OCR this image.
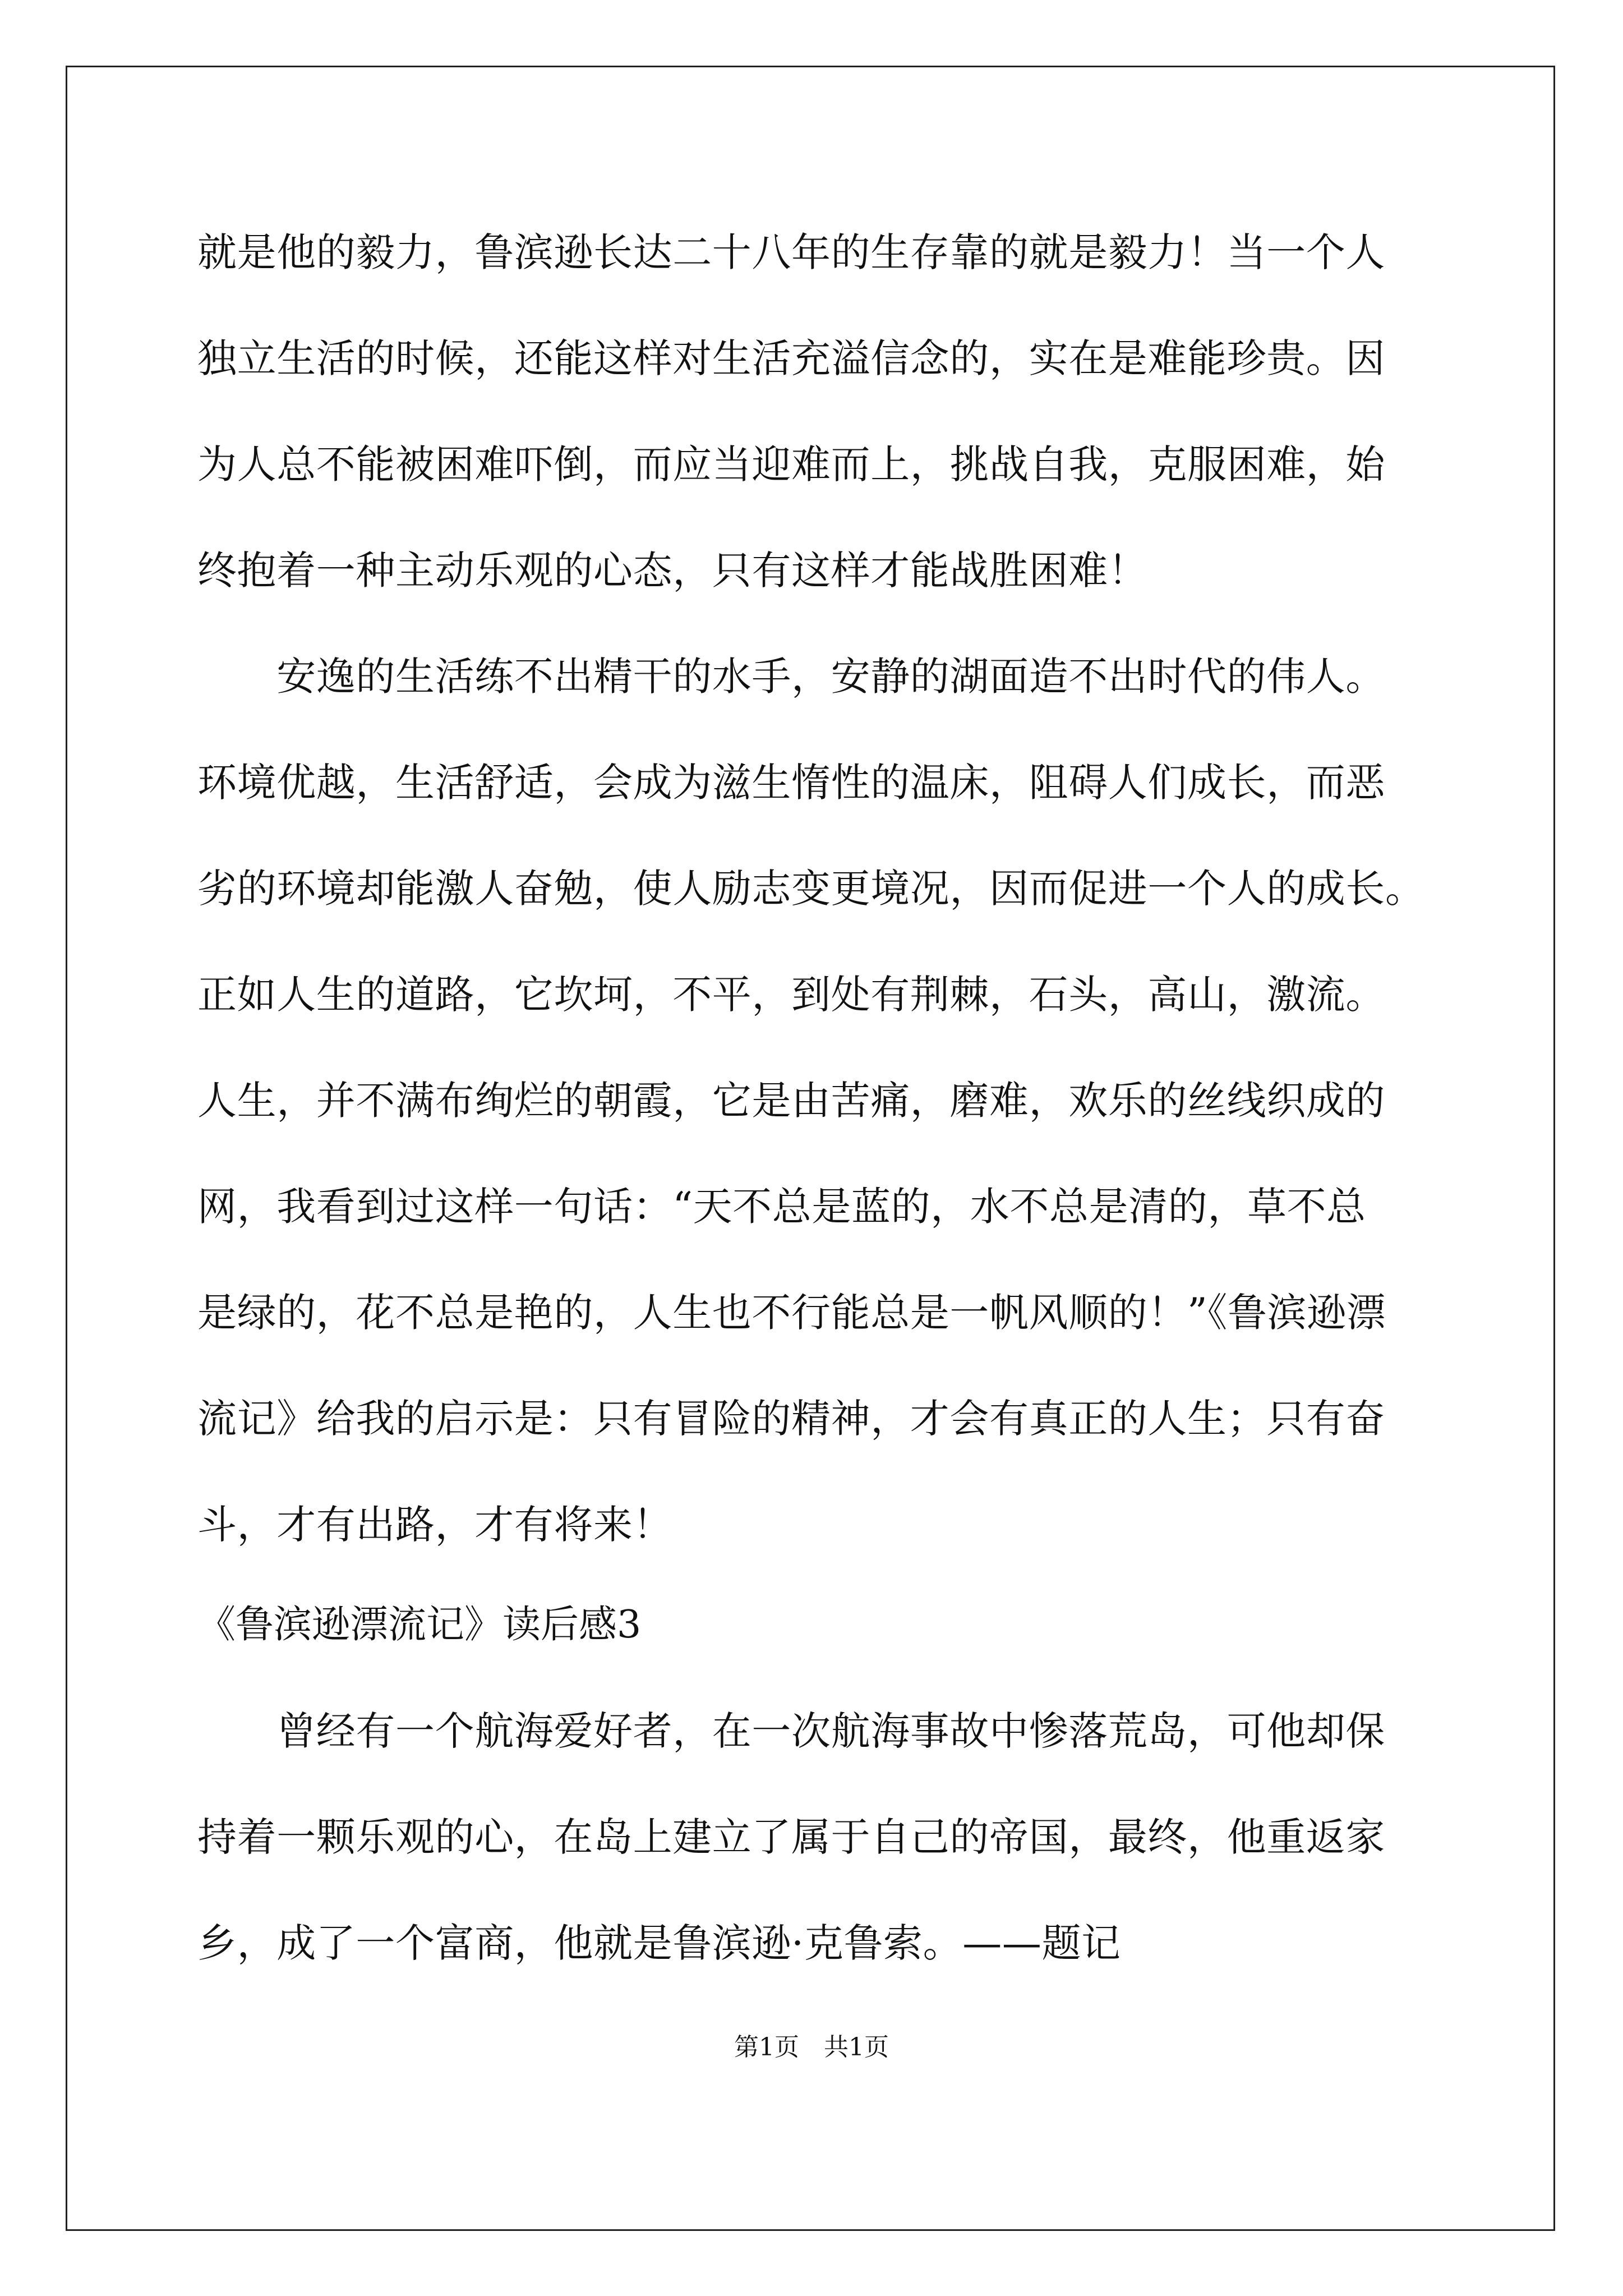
就是他的毅力，鲁滨逊长达二十八年的生存靠的就是毅力！当一个人
独立生活的时候，还能这样对生活充溢信念的，实在是难能珍贵。因
为人总不能被困难吓倒，而应当迎难而上，挑战自我，克服困难，始
终抱着一种主动乐观的心态，只有这样才能战胜困难！
　　安逸的生活练不出精干的水手，安静的湖面造不出时代的伟人。
环境优越，生活舒适，会成为滋生惰性的温床，阻碍人们成长，而恶
劣的环境却能激人奋勉，使人励志变更境况，因而促进一个人的成长。
正如人生的道路，它坎坷，不平，到处有荆棘，石头，高山，激流。
人生，并不满布绚烂的朝霞，它是由苦痛，磨难，欢乐的丝线织成的
网，我看到过这样一句话：“天不总是蓝的，水不总是清的，草不总
是绿的，花不总是艳的，人生也不行能总是一帆风顺的！”《鲁滨逊漂
流记》给我的启示是：只有冒险的精神，才会有真正的人生；只有奋
斗，才有出路，才有将来！
《鲁滨逊漂流记》读后感3
　　曾经有一个航海爱好者，在一次航海事故中惨落荒岛，可他却保
持着一颗乐观的心，在岛上建立了属于自己的帝国，最终，他重返家
乡，成了一个富商，他就是鲁滨逊·克鲁索。——题记
第1页　共1页
